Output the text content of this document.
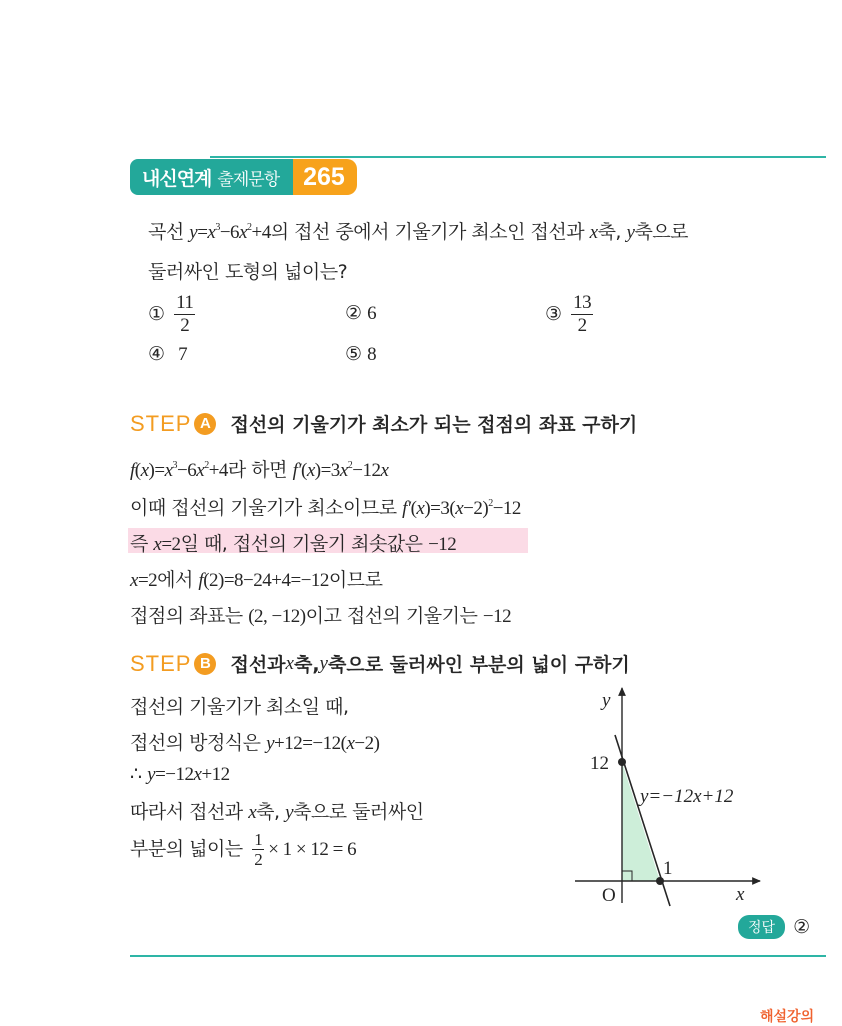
내신연계 출제문항 265
곡선 $y=x^3-6x^2+4$의 접선 중에서 기울기가 최소인 접선과 x축, y축으로
둘러싸인 도형의 넓이는?
① $\frac{11}{2}$	② 6	③ $\frac{13}{2}$
④ 7	⑤ 8
STEP A 접선의 기울기가 최소가 되는 접점의 좌표 구하기
$f(x)=x^3-6x^2+4$라 하면 $f'(x)=3x^2-12x$
이때 접선의 기울기가 최소이므로 $f'(x)=3(x-2)^2-12$
즉 x=2일 때, 접선의 기울기 최솟값은 −12
x=2에서 f(2)=8−24+4=−12이므로
접점의 좌표는 (2, −12)이고 접선의 기울기는 −12
STEP B 접선과 x 축, y 축으로 둘러싸인 부분의 넓이 구하기
접선의 기울기가 최소일 때,
접선의 방정식은 y+12=−12(x−2)
∴ y=−12x+12
따라서 접선과 x축, y축으로 둘러싸인
부분의 넓이는 $\frac{1}{2} \times 1 \times 12 = 6$
y
x
O
12
1
y=−12x+12
정답 ②
해설강의
